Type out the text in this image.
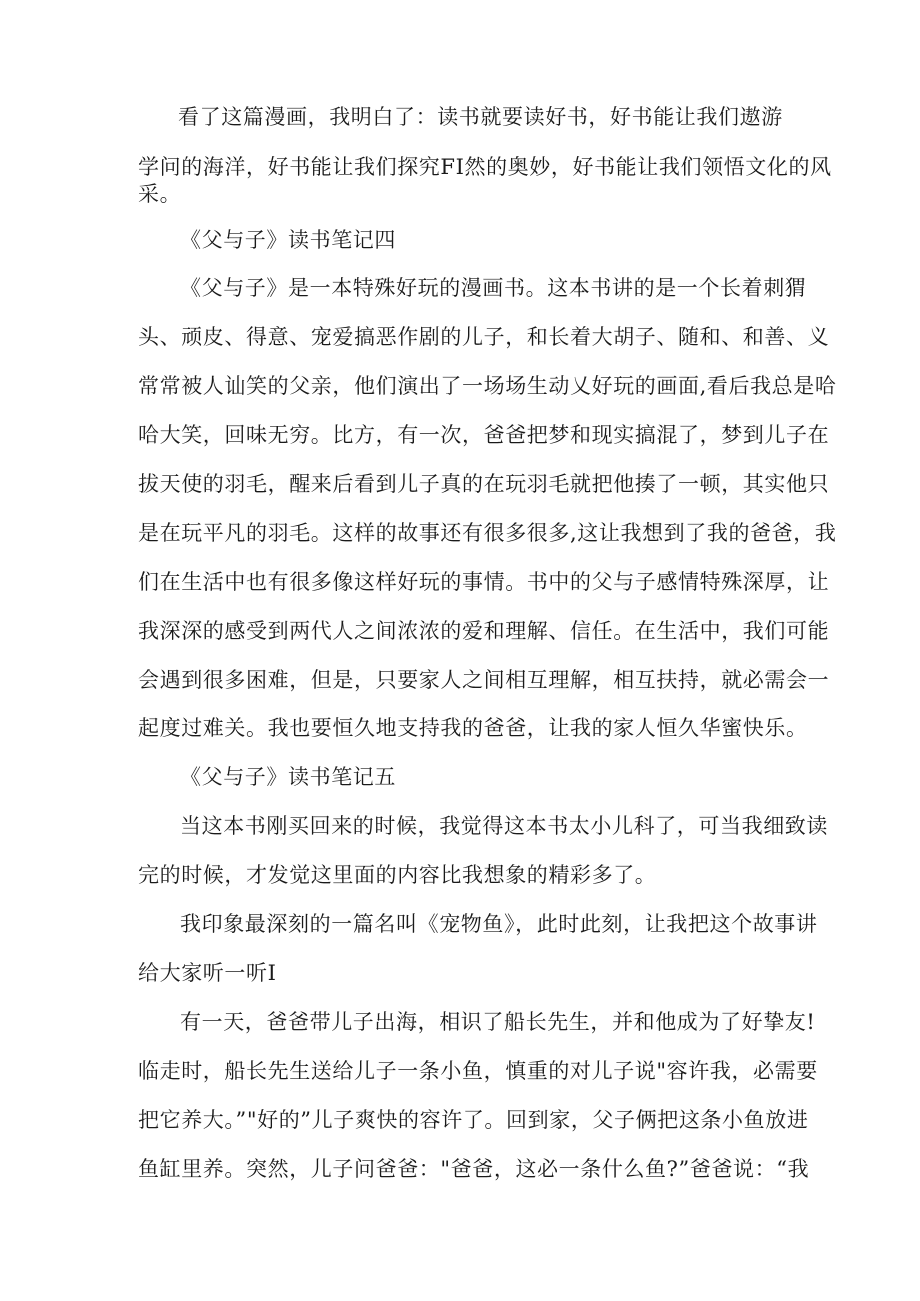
看了这篇漫画，我明白了：读书就要读好书，好书能让我们遨游
学问的海洋，好书能让我们探究FI然的奥妙，好书能让我们领悟文化的风
采。
《父与子》读书笔记四
《父与子》是一本特殊好玩的漫画书。这本书讲的是一个长着刺猬
头、顽皮、得意、宠爱搞恶作剧的儿子，和长着大胡子、随和、和善、义
常常被人讪笑的父亲，他们演出了一场场生动乂好玩的画面,看后我总是哈
哈大笑，回味无穷。比方，有一次，爸爸把梦和现实搞混了，梦到儿子在
拔天使的羽毛，醒来后看到儿子真的在玩羽毛就把他揍了一顿，其实他只
是在玩平凡的羽毛。这样的故事还有很多很多,这让我想到了我的爸爸，我
们在生活中也有很多像这样好玩的事情。书中的父与子感情特殊深厚，让
我深深的感受到两代人之间浓浓的爱和理解、信任。在生活中，我们可能
会遇到很多困难，但是，只要家人之间相互理解，相互扶持，就必需会一
起度过难关。我也要恒久地支持我的爸爸，让我的家人恒久华蜜快乐。
《父与子》读书笔记五
当这本书刚买回来的时候，我觉得这本书太小儿科了，可当我细致读
完的时候，才发觉这里面的内容比我想象的精彩多了。
我印象最深刻的一篇名叫《宠物鱼》，此时此刻，让我把这个故事讲
给大家听一听I
有一天，爸爸带儿子出海，相识了船长先生，并和他成为了好挚友!
临走时，船长先生送给儿子一条小鱼，慎重的对儿子说"容许我，必需要
把它养大。”"好的”儿子爽快的容许了。回到家，父子俩把这条小鱼放进
鱼缸里养。突然，儿子问爸爸："爸爸，这必一条什么鱼?”爸爸说：“我
